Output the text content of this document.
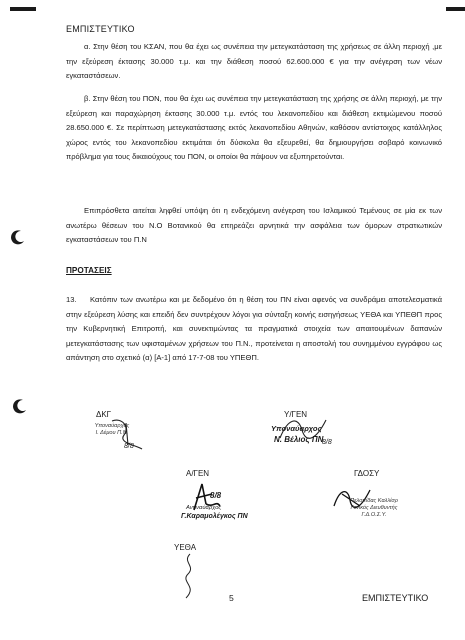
ΕΜΠΙΣΤΕΥΤΙΚΟ
α. Στην θέση του ΚΣΑΝ, που θα έχει ως συνέπεια την μετεγκατάσταση της χρήσεως σε άλλη περιοχή ,με την εξεύρεση έκτασης 30.000 τ.μ. και την διάθεση ποσού 62.600.000 € για την ανέγερση των νέων εγκαταστάσεων.
β. Στην θέση του ΠΟΝ, που θα έχει ως συνέπεια την μετεγκατάσταση της χρήσης σε άλλη περιοχή, με την εξεύρεση και παραχώρηση έκτασης 30.000 τ.μ. εντός του λεκανοπεδίου και διάθεση εκτιμώμενου ποσού 28.650.000 €. Σε περίπτωση μετεγκατάστασης εκτός λεκανοπεδίου Αθηνών, καθόσον αντίστοιχος κατάλληλος χώρος εντός του λεκανοπεδίου εκτιμάται ότι δύσκολα θα εξευρεθεί, θα δημιουργήσει σοβαρό κοινωνικό πρόβλημα για τους δικαιούχους του ΠΟΝ, οι οποίοι θα πάψουν να εξυπηρετούνται.
Επιπρόσθετα αιτείται ληφθεί υπόψη ότι η ενδεχόμενη ανέγερση του Ισλαμικού Τεμένους σε μία εκ των ανωτέρω θέσεων του Ν.Ο Βοτανικού θα επηρεάζει αρνητικά την ασφάλεια των όμορων στρατιωτικών εγκαταστάσεων του Π.Ν
ΠΡΟΤΑΣΕΙΣ
13. Κατόπιν των ανωτέρω και με δεδομένο ότι η θέση του ΠΝ είναι αφενός να συνδράμει αποτελεσματικά στην εξεύρεση λύσης και επειδή δεν συντρέχουν λόγοι για σύνταξη κοινής εισηγήσεως ΥΕΘΑ και ΥΠΕΘΠ προς την Κυβερνητική Επιτροπή, και συνεκτιμώντας τα πραγματικά στοιχεία των απαιτουμένων δαπανών μετεγκατάστασης των υφισταμένων χρήσεων του Π.Ν., προτείνεται η αποστολή του συνημμένου εγγράφου ως απάντηση στο σχετικό (α) [Α-1] από 17-7-08 του ΥΠΕΘΠ.
ΔΚΓ
Υποναύαρχος
Ι. Δέμου Π.Ν.
8/8
Υ/ΓΕΝ
Υποναύαρχος
Ν. Βέλιος ΠΝ
8/8
Α/ΓΕΝ
8/8
Αντιναύαρχος
Γ.Καραμολέγκος ΠΝ
ΓΔΟΣΥ
Πελοπίδας Καλλίσρ
Γενικός Διευθυντής
Γ.Δ.Ο.Σ.Υ.
ΥΕΘΑ
5	ΕΜΠΙΣΤΕΥΤΙΚΟ
